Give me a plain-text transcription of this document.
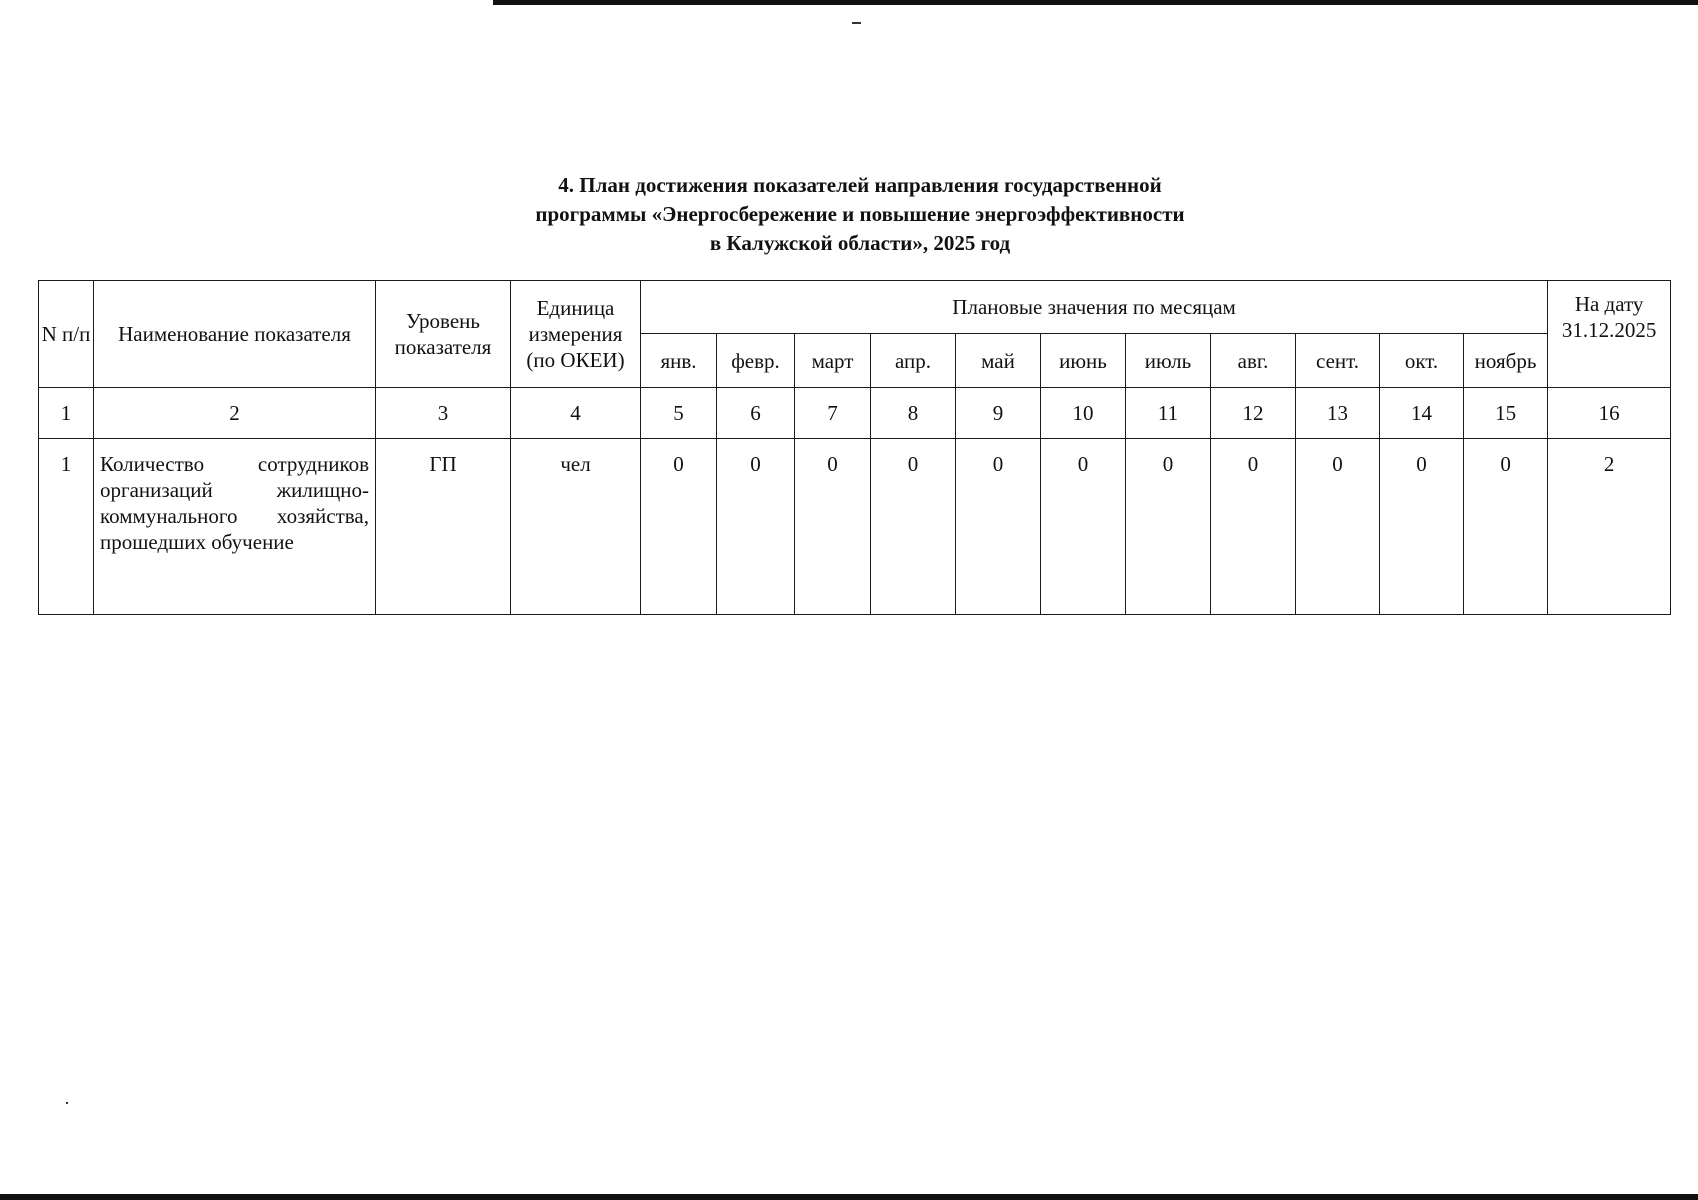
4. План достижения показателей направления государственной
программы «Энергосбережение и повышение энергоэффективности
в Калужской области», 2025 год
N п/п	Наименование показателя	Уровень показателя	Единица измерения (по ОКЕИ)	Плановые значения по месяцам											На дату 31.12.2025
				янв.	февр.	март	апр.	май	июнь	июль	авг.	сент.	окт.	ноябрь	
1	2	3	4	5	6	7	8	9	10	11	12	13	14	15	16
1	Количество сотрудников организаций жилищно-коммунального хозяйства, прошедших обучение	ГП	чел	0	0	0	0	0	0	0	0	0	0	0	2
